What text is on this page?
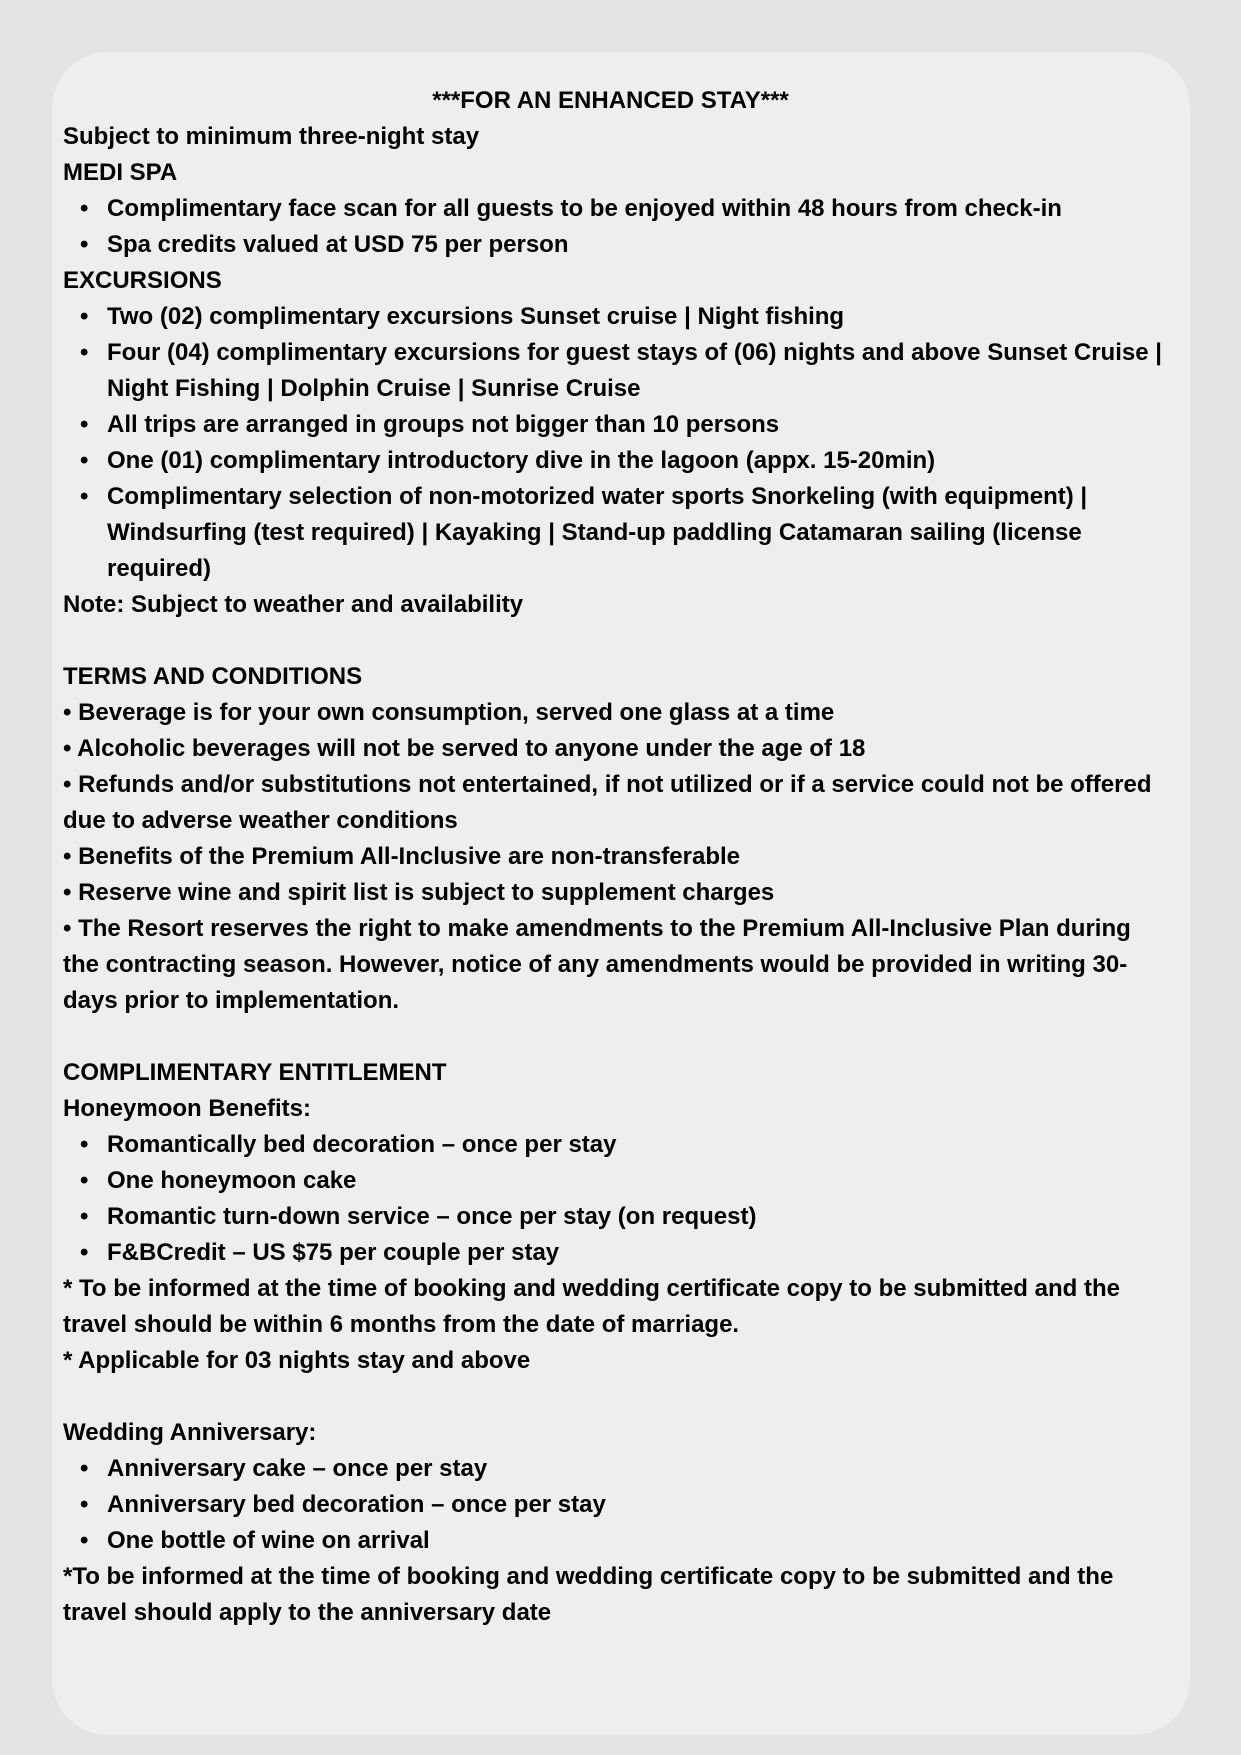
***FOR AN ENHANCED STAY***
Subject to minimum three-night stay
MEDI SPA
• Complimentary face scan for all guests to be enjoyed within 48 hours from check-in
• Spa credits valued at USD 75 per person
EXCURSIONS
• Two (02) complimentary excursions Sunset cruise | Night fishing
• Four (04) complimentary excursions for guest stays of (06) nights and above Sunset Cruise | Night Fishing | Dolphin Cruise | Sunrise Cruise
• All trips are arranged in groups not bigger than 10 persons
• One (01) complimentary introductory dive in the lagoon (appx. 15-20min)
• Complimentary selection of non-motorized water sports Snorkeling (with equipment) | Windsurfing (test required) | Kayaking | Stand-up paddling Catamaran sailing (license required)
Note: Subject to weather and availability
TERMS AND CONDITIONS
• Beverage is for your own consumption, served one glass at a time
• Alcoholic beverages will not be served to anyone under the age of 18
• Refunds and/or substitutions not entertained, if not utilized or if a service could not be offered due to adverse weather conditions
• Benefits of the Premium All-Inclusive are non-transferable
• Reserve wine and spirit list is subject to supplement charges
• The Resort reserves the right to make amendments to the Premium All-Inclusive Plan during the contracting season. However, notice of any amendments would be provided in writing 30-days prior to implementation.
COMPLIMENTARY ENTITLEMENT
Honeymoon Benefits:
• Romantically bed decoration – once per stay
• One honeymoon cake
• Romantic turn-down service – once per stay (on request)
• F&BCredit – US $75 per couple per stay
* To be informed at the time of booking and wedding certificate copy to be submitted and the travel should be within 6 months from the date of marriage.
* Applicable for 03 nights stay and above
Wedding Anniversary:
• Anniversary cake – once per stay
• Anniversary bed decoration – once per stay
• One bottle of wine on arrival
*To be informed at the time of booking and wedding certificate copy to be submitted and the travel should apply to the anniversary date
